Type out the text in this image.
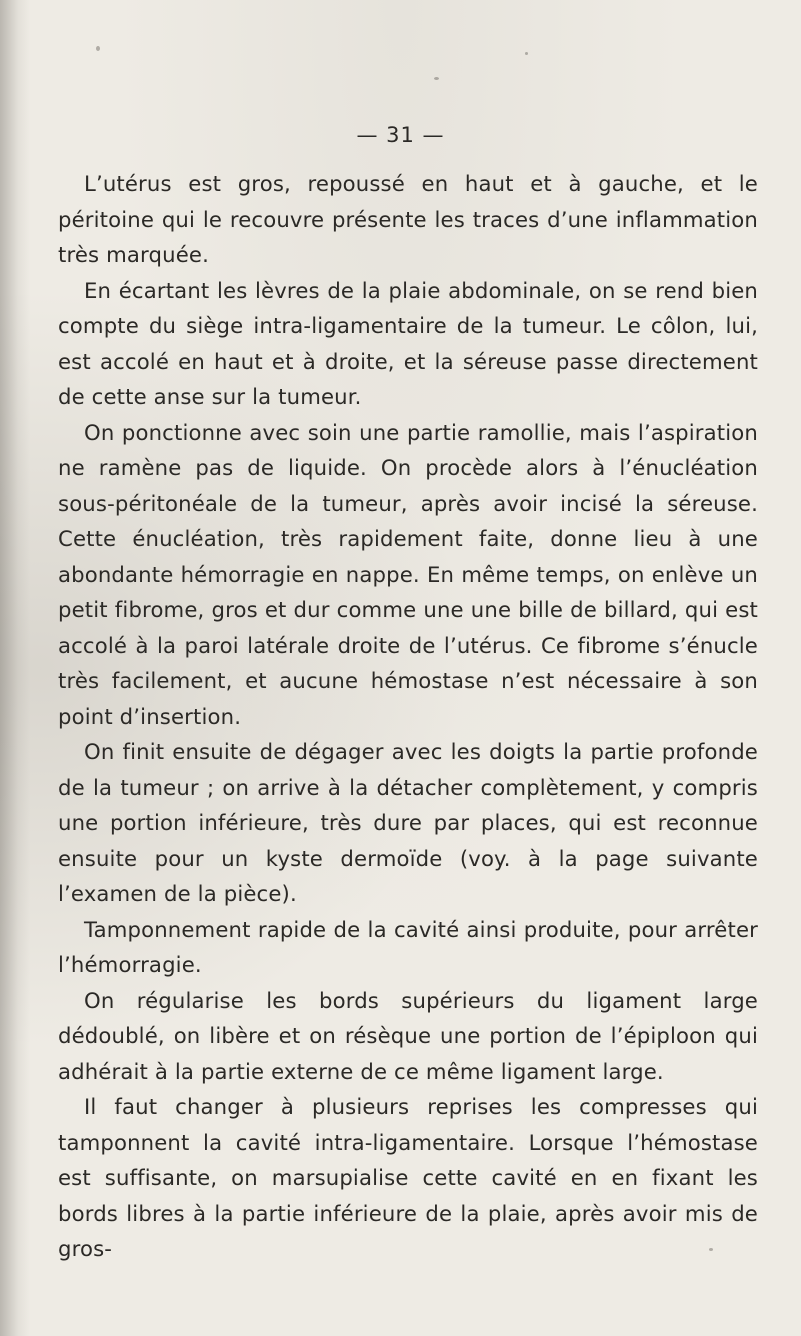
— 31 —

L’utérus est gros, repoussé en haut et à gauche, et le péritoine qui le recouvre présente les traces d’une inflammation très marquée.

En écartant les lèvres de la plaie abdominale, on se rend bien compte du siège intra-ligamentaire de la tumeur. Le côlon, lui, est accolé en haut et à droite, et la séreuse passe directement de cette anse sur la tumeur.

On ponctionne avec soin une partie ramollie, mais l’aspiration ne ramène pas de liquide. On procède alors à l’énucléation sous-péritonéale de la tumeur, après avoir incisé la séreuse. Cette énucléation, très rapidement faite, donne lieu à une abondante hémorragie en nappe. En même temps, on enlève un petit fibrome, gros et dur comme une une bille de billard, qui est accolé à la paroi latérale droite de l’utérus. Ce fibrome s’énucle très facilement, et aucune hémostase n’est nécessaire à son point d’insertion.

On finit ensuite de dégager avec les doigts la partie profonde de la tumeur ; on arrive à la détacher complètement, y compris une portion inférieure, très dure par places, qui est reconnue ensuite pour un kyste dermoïde (voy. à la page suivante l’examen de la pièce).

Tamponnement rapide de la cavité ainsi produite, pour arrêter l’hémorragie.

On régularise les bords supérieurs du ligament large dédoublé, on libère et on résèque une portion de l’épiploon qui adhérait à la partie externe de ce même ligament large.

Il faut changer à plusieurs reprises les compresses qui tamponnent la cavité intra-ligamentaire. Lorsque l’hémostase est suffisante, on marsupialise cette cavité en en fixant les bords libres à la partie inférieure de la plaie, après avoir mis de gros-
